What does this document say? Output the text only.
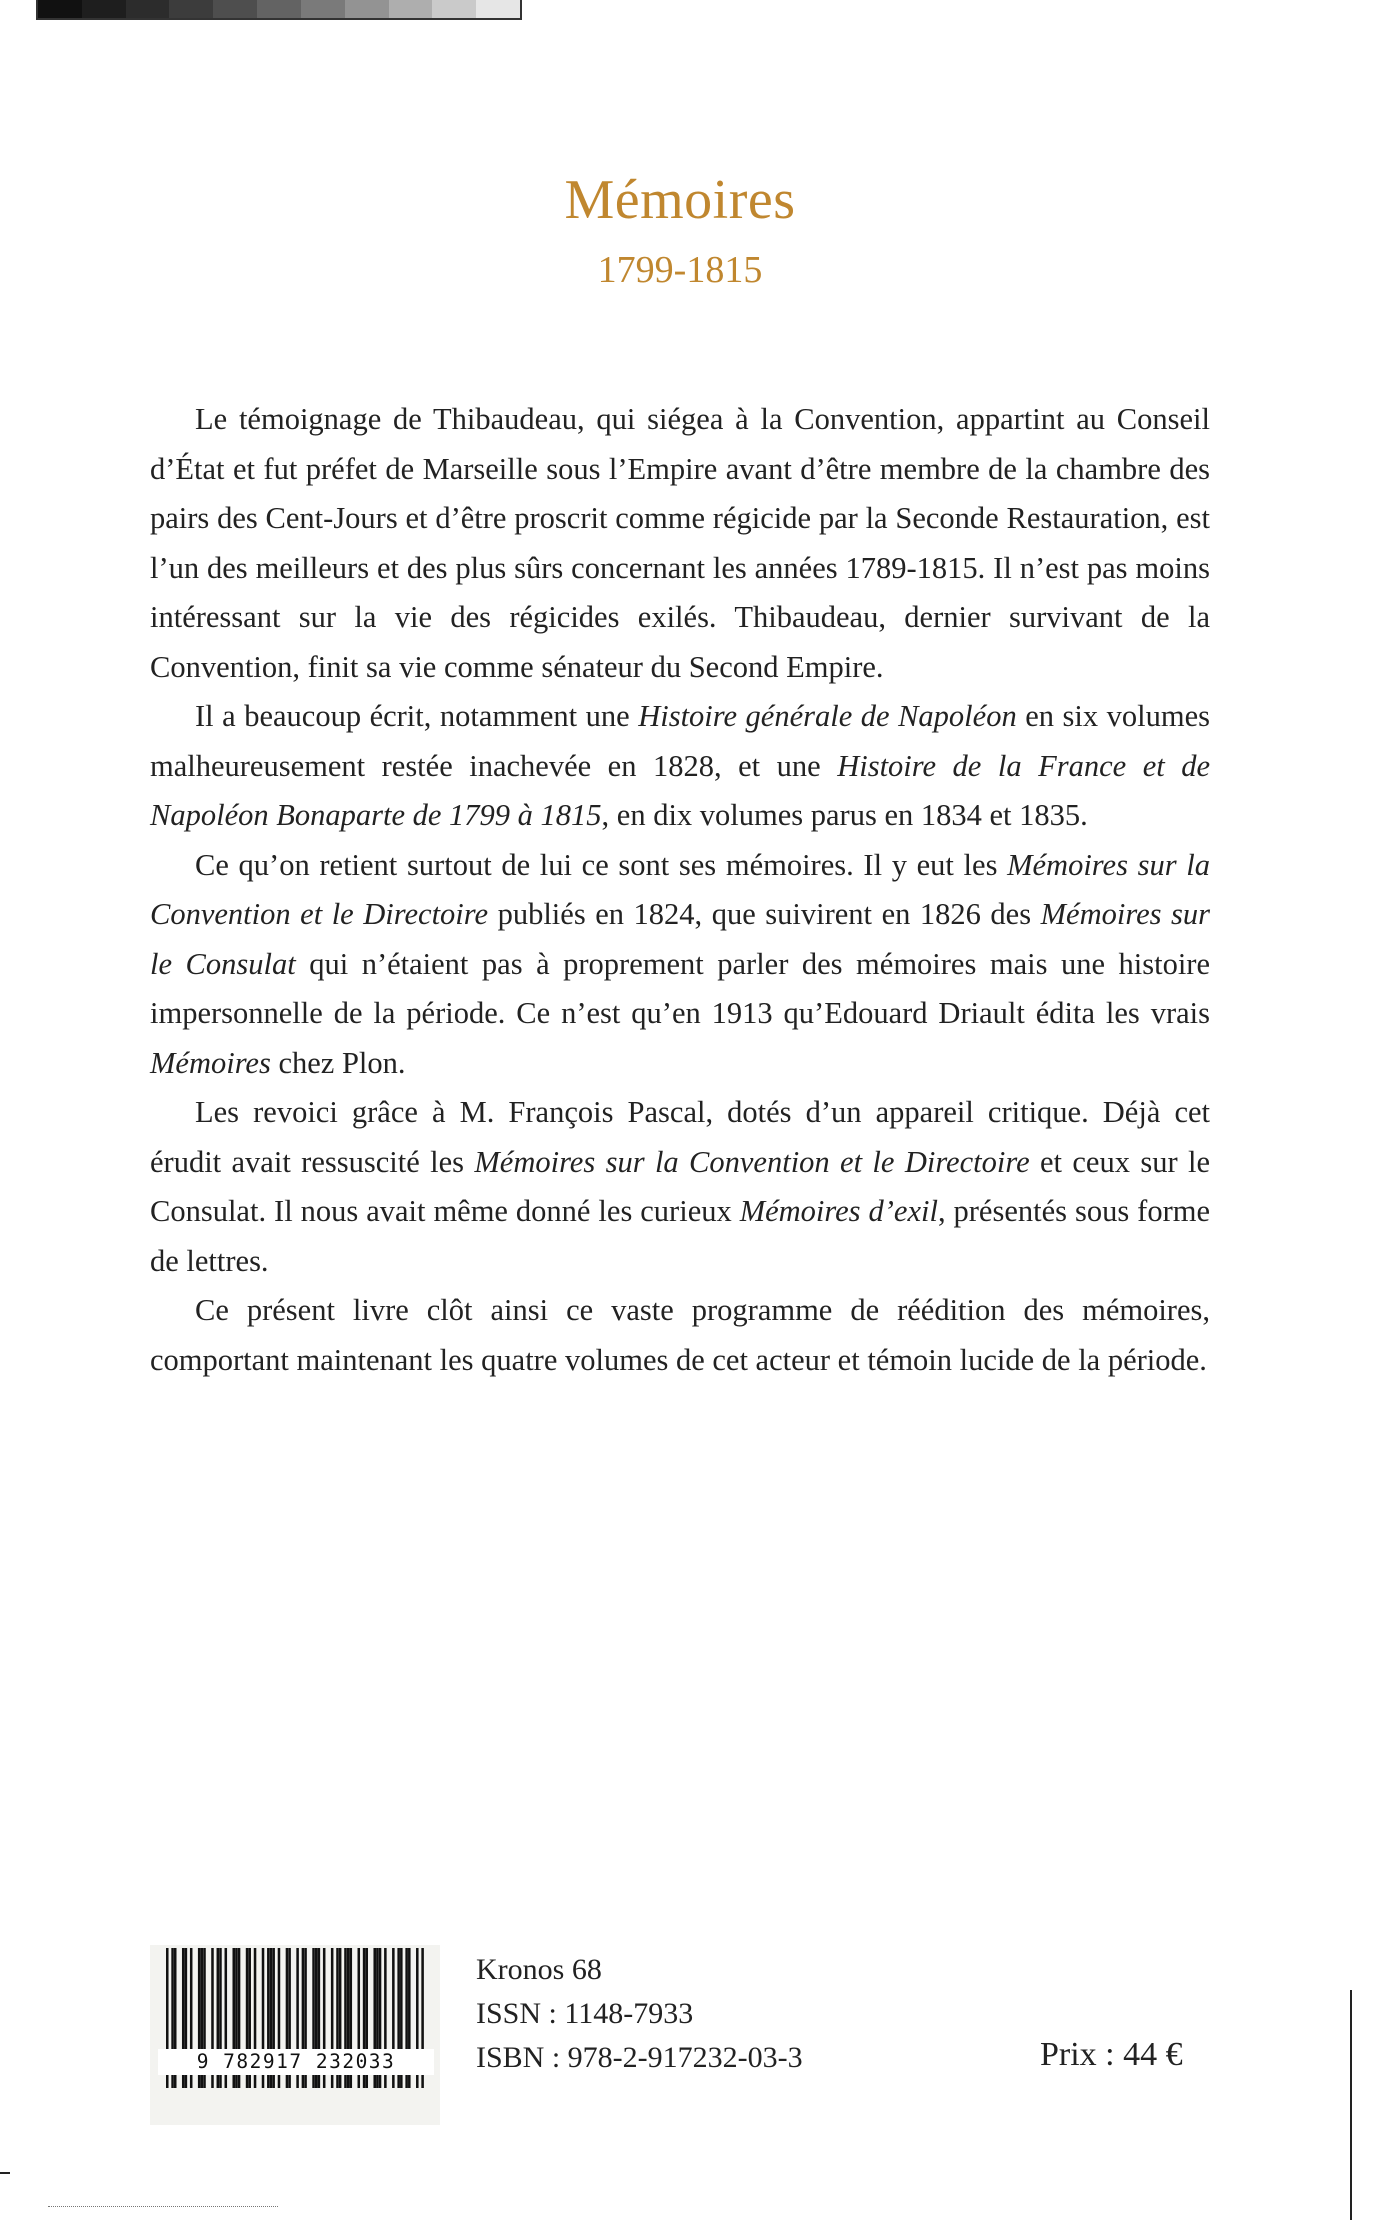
Mémoires
1799-1815

Le témoignage de Thibaudeau, qui siégea à la Convention, appartint au Conseil d’État et fut préfet de Marseille sous l’Empire avant d’être membre de la chambre des pairs des Cent-Jours et d’être proscrit comme régicide par la Seconde Restauration, est l’un des meilleurs et des plus sûrs concernant les années 1789-1815. Il n’est pas moins intéressant sur la vie des régicides exilés. Thibaudeau, dernier survivant de la Convention, finit sa vie comme sénateur du Second Empire.

Il a beaucoup écrit, notamment une Histoire générale de Napoléon en six volumes malheureusement restée inachevée en 1828, et une Histoire de la France et de Napoléon Bonaparte de 1799 à 1815, en dix volumes parus en 1834 et 1835.

Ce qu’on retient surtout de lui ce sont ses mémoires. Il y eut les Mémoires sur la Convention et le Directoire publiés en 1824, que suivirent en 1826 des Mémoires sur le Consulat qui n’étaient pas à proprement parler des mémoires mais une histoire impersonnelle de la période. Ce n’est qu’en 1913 qu’Edouard Driault édita les vrais Mémoires chez Plon.

Les revoici grâce à M. François Pascal, dotés d’un appareil critique. Déjà cet érudit avait ressuscité les Mémoires sur la Convention et le Directoire et ceux sur le Consulat. Il nous avait même donné les curieux Mémoires d’exil, présentés sous forme de lettres.

Ce présent livre clôt ainsi ce vaste programme de réédition des mémoires, comportant maintenant les quatre volumes de cet acteur et témoin lucide de la période.

9 782917 232033
Kronos 68
ISSN : 1148-7933
ISBN : 978-2-917232-03-3	Prix : 44 €
